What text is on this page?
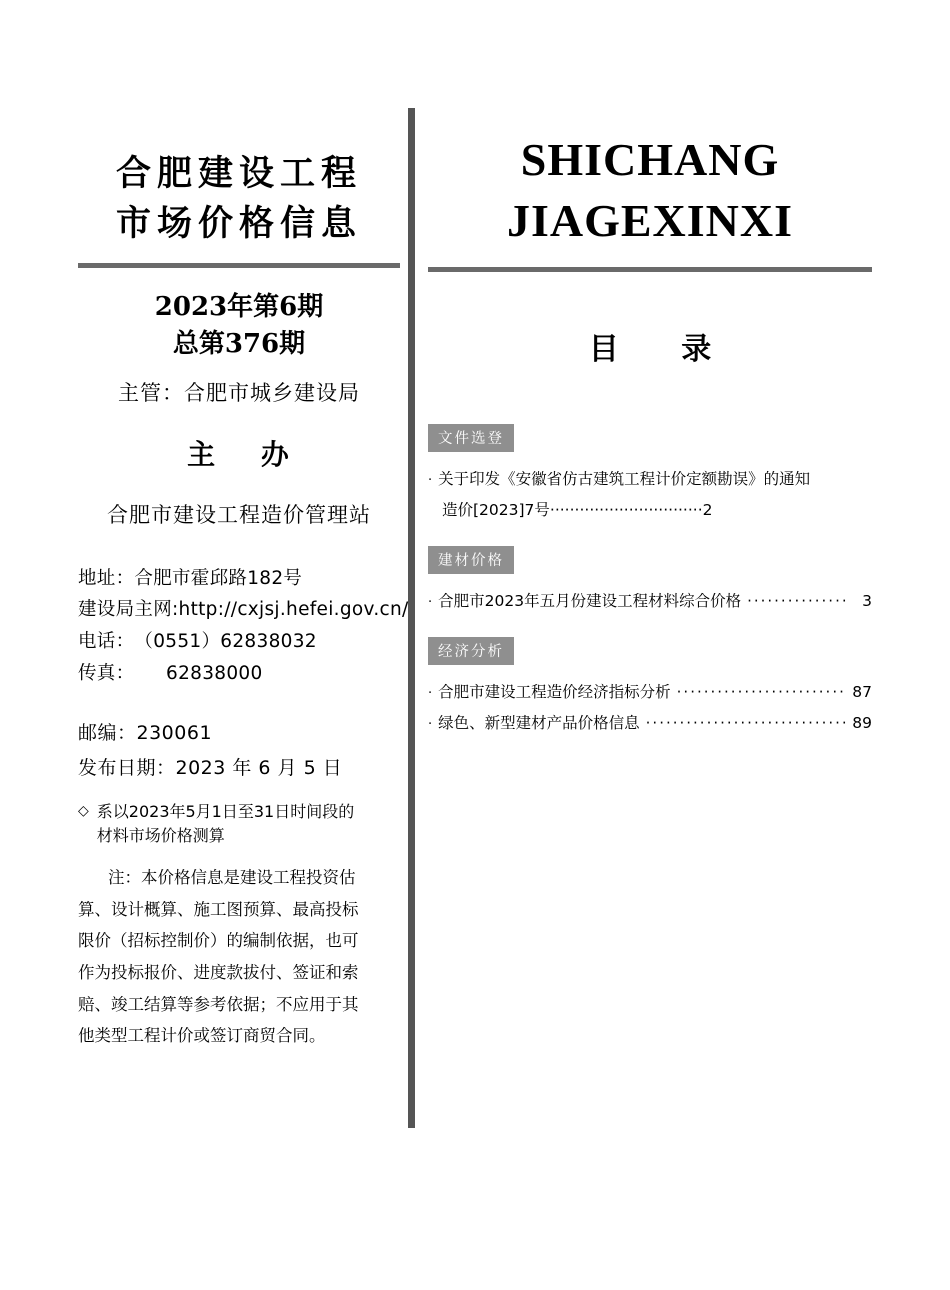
合肥建设工程
市场价格信息
2023年第6期
总第376期
主管：合肥市城乡建设局
主 办
合肥市建设工程造价管理站
地址：合肥市霍邱路182号
建设局主网:http://cxjsj.hefei.gov.cn/
电话：（0551）62838032
传真： 62838000
邮编：230061
发布日期：2023 年 6 月 5 日
◇ 系以2023年5月1日至31日时间段的
材料市场价格测算
注：本价格信息是建设工程投资估
算、设计概算、施工图预算、最高投标
限价（招标控制价）的编制依据，也可
作为投标报价、进度款拔付、签证和索
赔、竣工结算等参考依据；不应用于其
他类型工程计价或签订商贸合同。
SHICHANG
JIAGEXINXI
目 录
文件选登
· 关于印发《安徽省仿古建筑工程计价定额勘误》的通知
造价[2023]7号 ······························· 2
建材价格
· 合肥市2023年五月份建设工程材料综合价格 ··············· 3
经济分析
· 合肥市建设工程造价经济指标分析 ························· 87
· 绿色、新型建材产品价格信息 ······························ 89
